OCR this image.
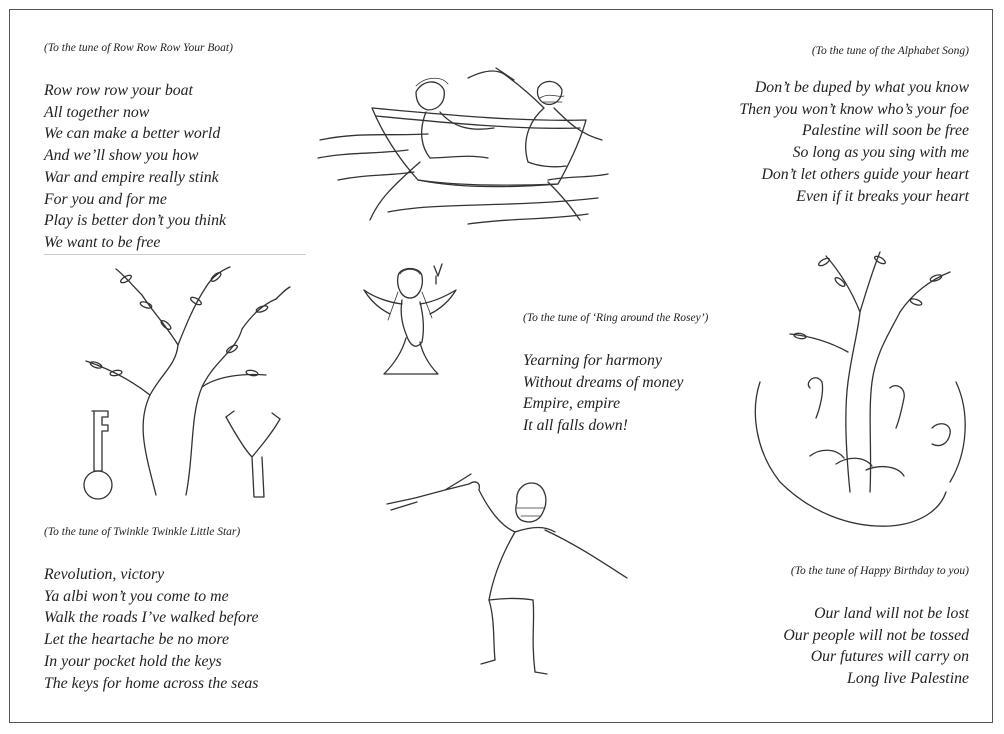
(To the tune of Row Row Row Your Boat)
Row row row your boat
All together now
We can make a better world
And we’ll show you how
War and empire really stink
For you and for me
Play is better don’t you think
We want to be free
(To the tune of the Alphabet Song)
Don’t be duped by what you know
Then you won’t know who’s your foe
Palestine will soon be free
So long as you sing with me
Don’t let others guide your heart
Even if it breaks your heart
(To the tune of ‘Ring around the Rosey’)
Yearning for harmony
Without dreams of money
Empire, empire
It all falls down!
(To the tune of Twinkle Twinkle Little Star)
Revolution, victory
Ya albi won’t you come to me
Walk the roads I’ve walked before
Let the heartache be no more
In your pocket hold the keys
The keys for home across the seas
(To the tune of Happy Birthday to you)
Our land will not be lost
Our people will not be tossed
Our futures will carry on
Long live Palestine
